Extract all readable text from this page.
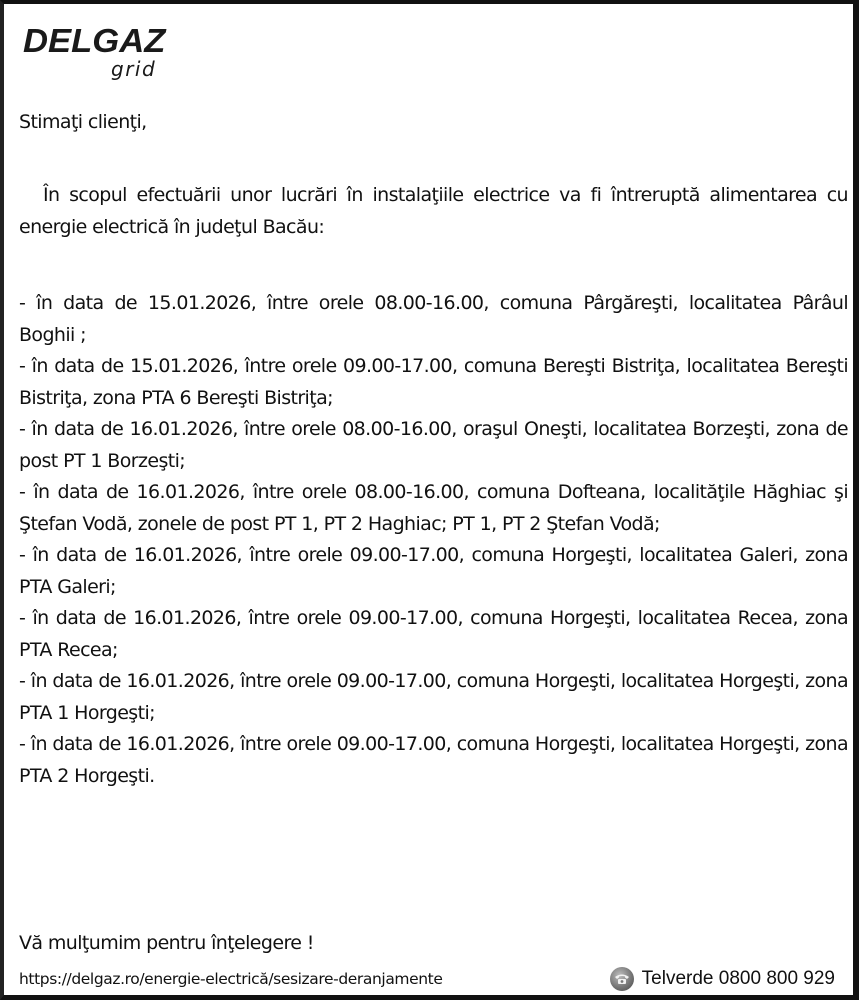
DELGAZ
grid
Stimaţi clienţi,
În scopul efectuării unor lucrări în instalaţiile electrice va fi întreruptă alimentarea cu energie electrică în judeţul Bacău:
- în data de 15.01.2026, între orele 08.00-16.00, comuna Pârgăreşti, localitatea Pârâul Boghii ;
- în data de 15.01.2026, între orele 09.00-17.00, comuna Bereşti Bistriţa, localitatea Bereşti Bistriţa, zona PTA 6 Bereşti Bistriţa;
- în data de 16.01.2026, între orele 08.00-16.00, oraşul Oneşti, localitatea Borzeşti, zona de post PT 1 Borzeşti;
- în data de 16.01.2026, între orele 08.00-16.00, comuna Dofteana, localităţile Hăghiac şi Ştefan Vodă, zonele de post PT 1, PT 2 Haghiac; PT 1, PT 2 Ştefan Vodă;
- în data de 16.01.2026, între orele 09.00-17.00, comuna Horgeşti, localitatea Galeri, zona PTA Galeri;
- în data de 16.01.2026, între orele 09.00-17.00, comuna Horgeşti, localitatea Recea, zona PTA Recea;
- în data de 16.01.2026, între orele 09.00-17.00, comuna Horgeşti, localitatea Horgeşti, zona PTA 1 Horgeşti;
- în data de 16.01.2026, între orele 09.00-17.00, comuna Horgeşti, localitatea Horgeşti, zona PTA 2 Horgeşti.
Vă mulţumim pentru înţelegere !
https://delgaz.ro/energie-electrică/sesizare-deranjamente	Telverde 0800 800 929
